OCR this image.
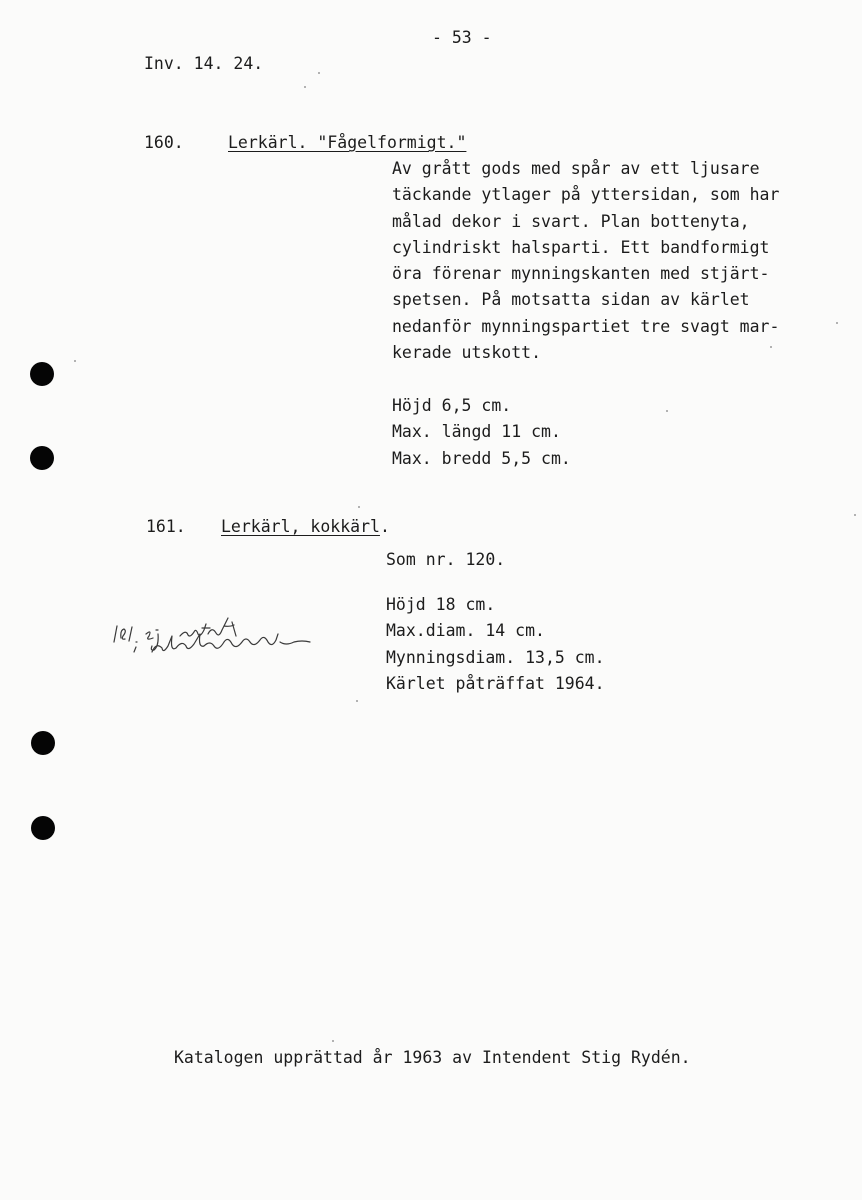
- 53 -
Inv. 14. 24.
160.	Lerkärl. "Fågelformigt."
Av grått gods med spår av ett ljusare
täckande ytlager på yttersidan, som har
målad dekor i svart. Plan bottenyta,
cylindriskt halsparti. Ett bandformigt
öra förenar mynningskanten med stjärt-
spetsen. På motsatta sidan av kärlet
nedanför mynningspartiet tre svagt mar-
kerade utskott.
Höjd 6,5 cm.
Max. längd 11 cm.
Max. bredd 5,5 cm.
161. Lerkärl, kokkärl.
Som nr. 120.
Höjd 18 cm.
Max.diam. 14 cm.
Mynningsdiam. 13,5 cm.
Kärlet påträffat 1964.
Katalogen upprättad år 1963 av Intendent Stig Rydén.
